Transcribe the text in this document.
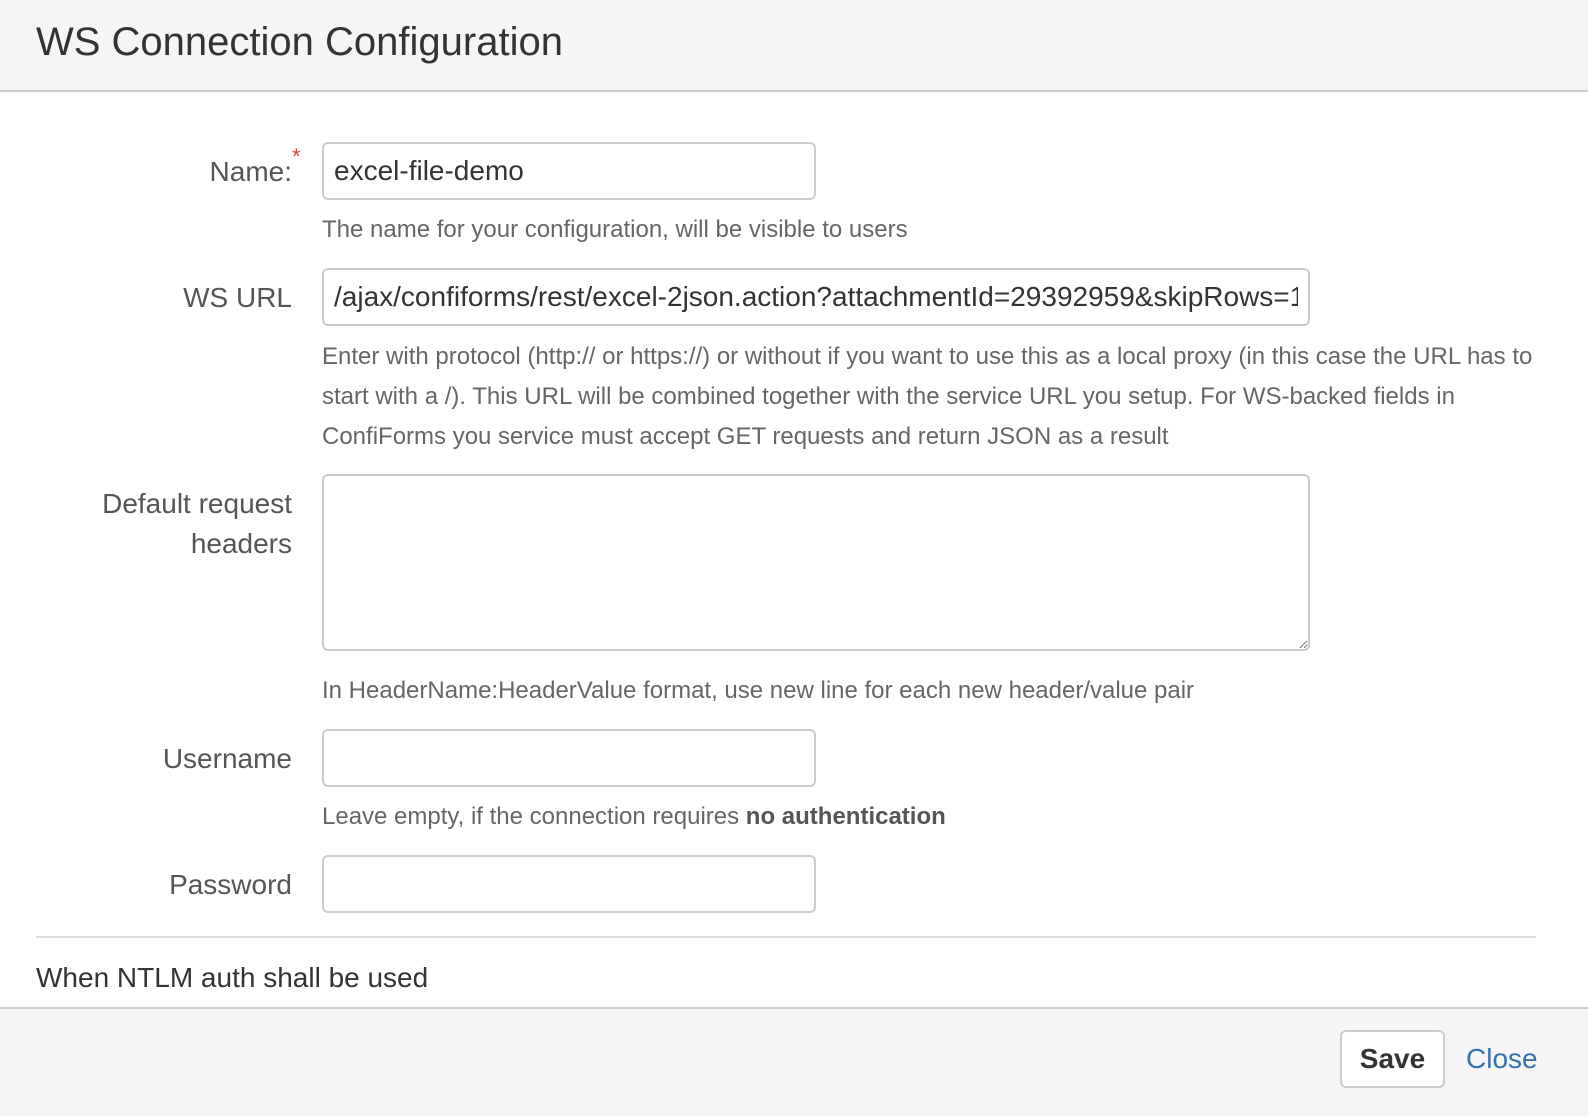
WS Connection Configuration
Name: *
excel-file-demo
The name for your configuration, will be visible to users
WS URL
/ajax/confiforms/rest/excel-2json.action?attachmentId=29392959&skipRows=1
Enter with protocol (http:// or https://) or without if you want to use this as a local proxy (in this case the URL has to start with a /). This URL will be combined together with the service URL you setup. For WS-backed fields in ConfiForms you service must accept GET requests and return JSON as a result
Default request headers
In HeaderName:HeaderValue format, use new line for each new header/value pair
Username
Leave empty, if the connection requires no authentication
Password
When NTLM auth shall be used
Save	Close
